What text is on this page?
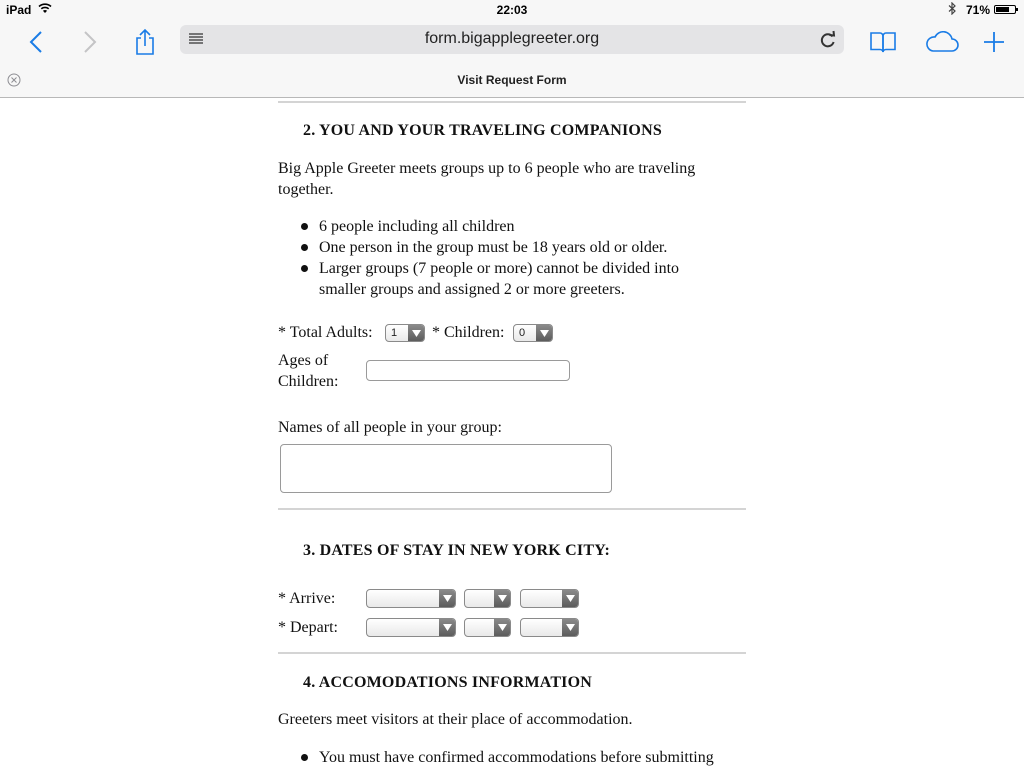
iPad	22:03	71%
form.bigapplegreeter.org
Visit Request Form
2. YOU AND YOUR TRAVELING COMPANIONS
Big Apple Greeter meets groups up to 6 people who are traveling together.
6 people including all children
One person in the group must be 18 years old or older.
Larger groups (7 people or more) cannot be divided into smaller groups and assigned 2 or more greeters.
* Total Adults: 1 * Children: 0
Ages of
Children:
Names of all people in your group:
3. DATES OF STAY IN NEW YORK CITY:
* Arrive:
* Depart:
4. ACCOMODATIONS INFORMATION
Greeters meet visitors at their place of accommodation.
You must have confirmed accommodations before submitting
